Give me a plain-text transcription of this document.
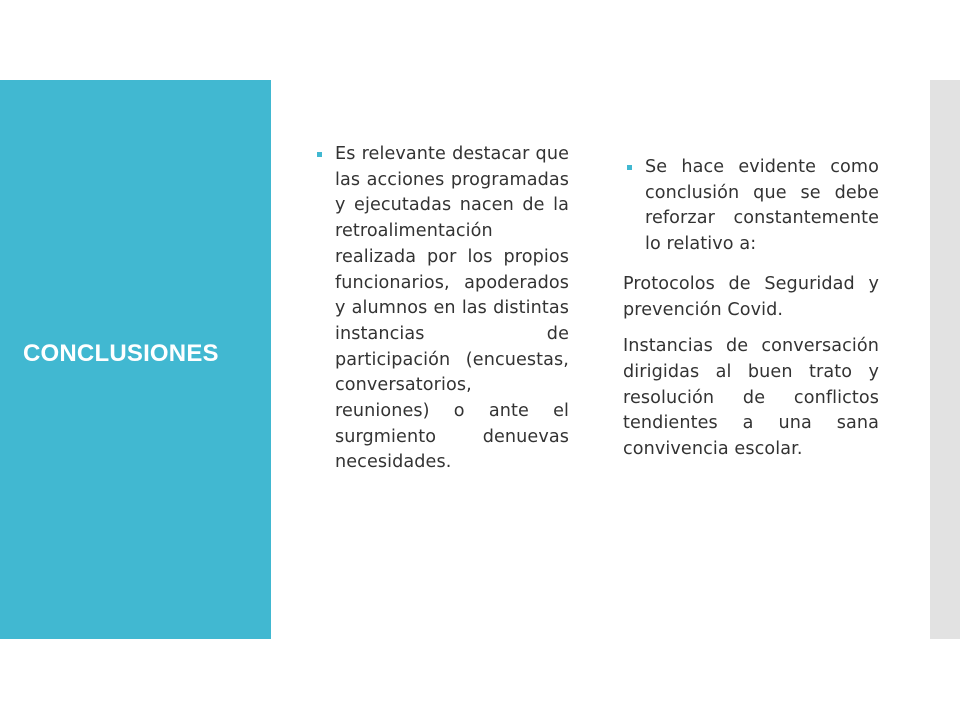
CONCLUSIONES

Es relevante destacar que las acciones programadas y ejecutadas nacen de la retroalimentación realizada por los propios funcionarios, apoderados y alumnos en las distintas instancias de participación (encuestas, conversatorios, reuniones) o ante el surgmiento denuevas necesidades.

Se hace evidente como conclusión que se debe reforzar constantemente lo relativo a:

Protocolos de Seguridad y prevención Covid.

Instancias de conversación dirigidas al buen trato y resolución de conflictos tendientes a una sana convivencia escolar.
